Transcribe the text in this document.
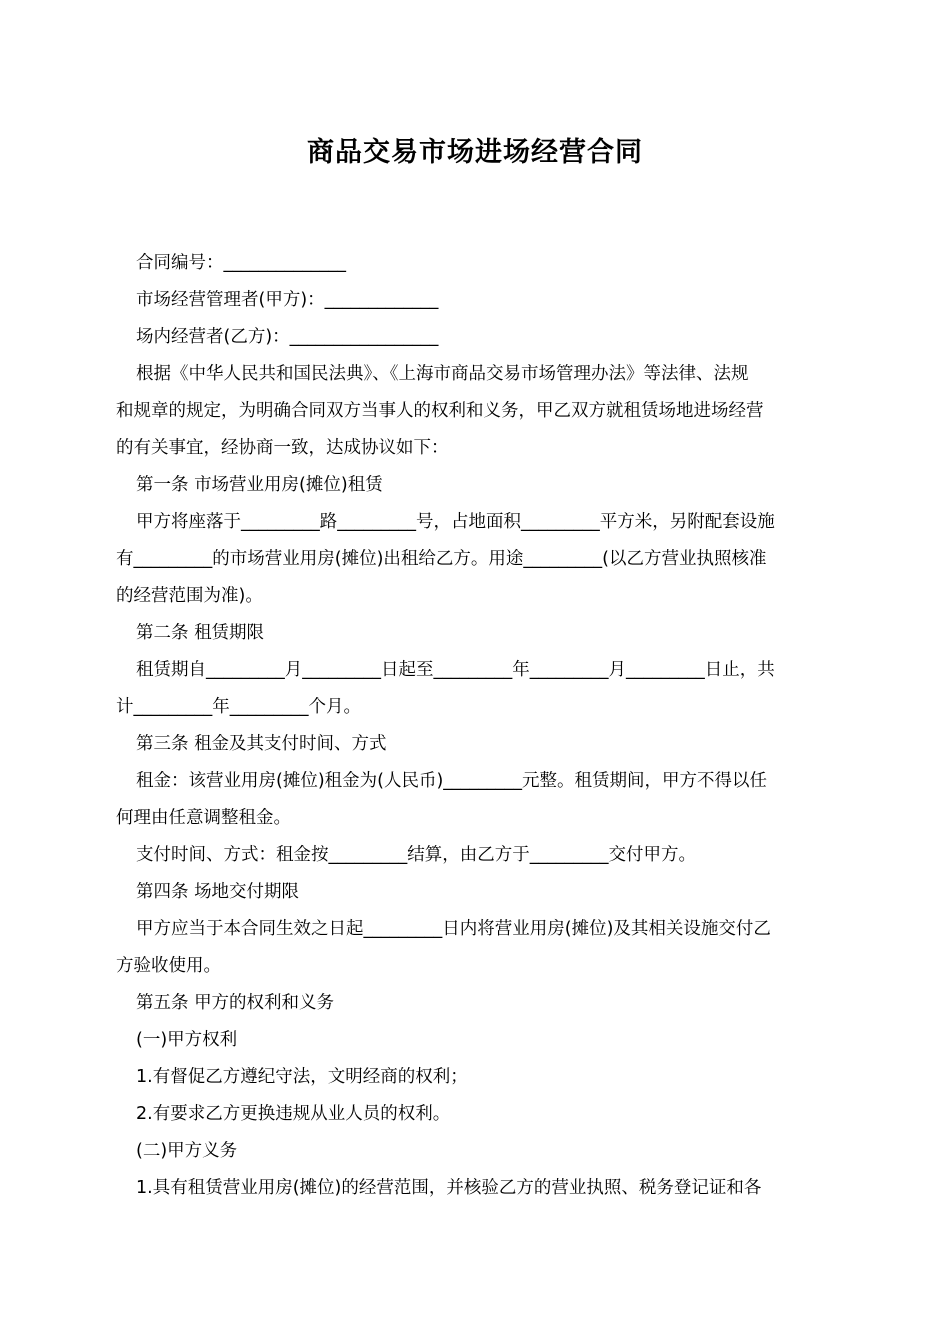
商品交易市场进场经营合同
合同编号：______________
市场经营管理者(甲方)：_____________
场内经营者(乙方)：_________________
根据《中华人民共和国民法典》、《上海市商品交易市场管理办法》等法律、法规
和规章的规定，为明确合同双方当事人的权利和义务，甲乙双方就租赁场地进场经营
的有关事宜，经协商一致，达成协议如下：
第一条 市场营业用房(摊位)租赁
甲方将座落于_________路_________号，占地面积_________平方米，另附配套设施
有_________的市场营业用房(摊位)出租给乙方。用途_________(以乙方营业执照核准
的经营范围为准)。
第二条 租赁期限
租赁期自_________月_________日起至_________年_________月_________日止，共
计_________年_________个月。
第三条 租金及其支付时间、方式
租金：该营业用房(摊位)租金为(人民币)_________元整。租赁期间，甲方不得以任
何理由任意调整租金。
支付时间、方式：租金按_________结算，由乙方于_________交付甲方。
第四条 场地交付期限
甲方应当于本合同生效之日起_________日内将营业用房(摊位)及其相关设施交付乙
方验收使用。
第五条 甲方的权利和义务
(一)甲方权利
1.有督促乙方遵纪守法，文明经商的权利；
2.有要求乙方更换违规从业人员的权利。
(二)甲方义务
1.具有租赁营业用房(摊位)的经营范围，并核验乙方的营业执照、税务登记证和各
